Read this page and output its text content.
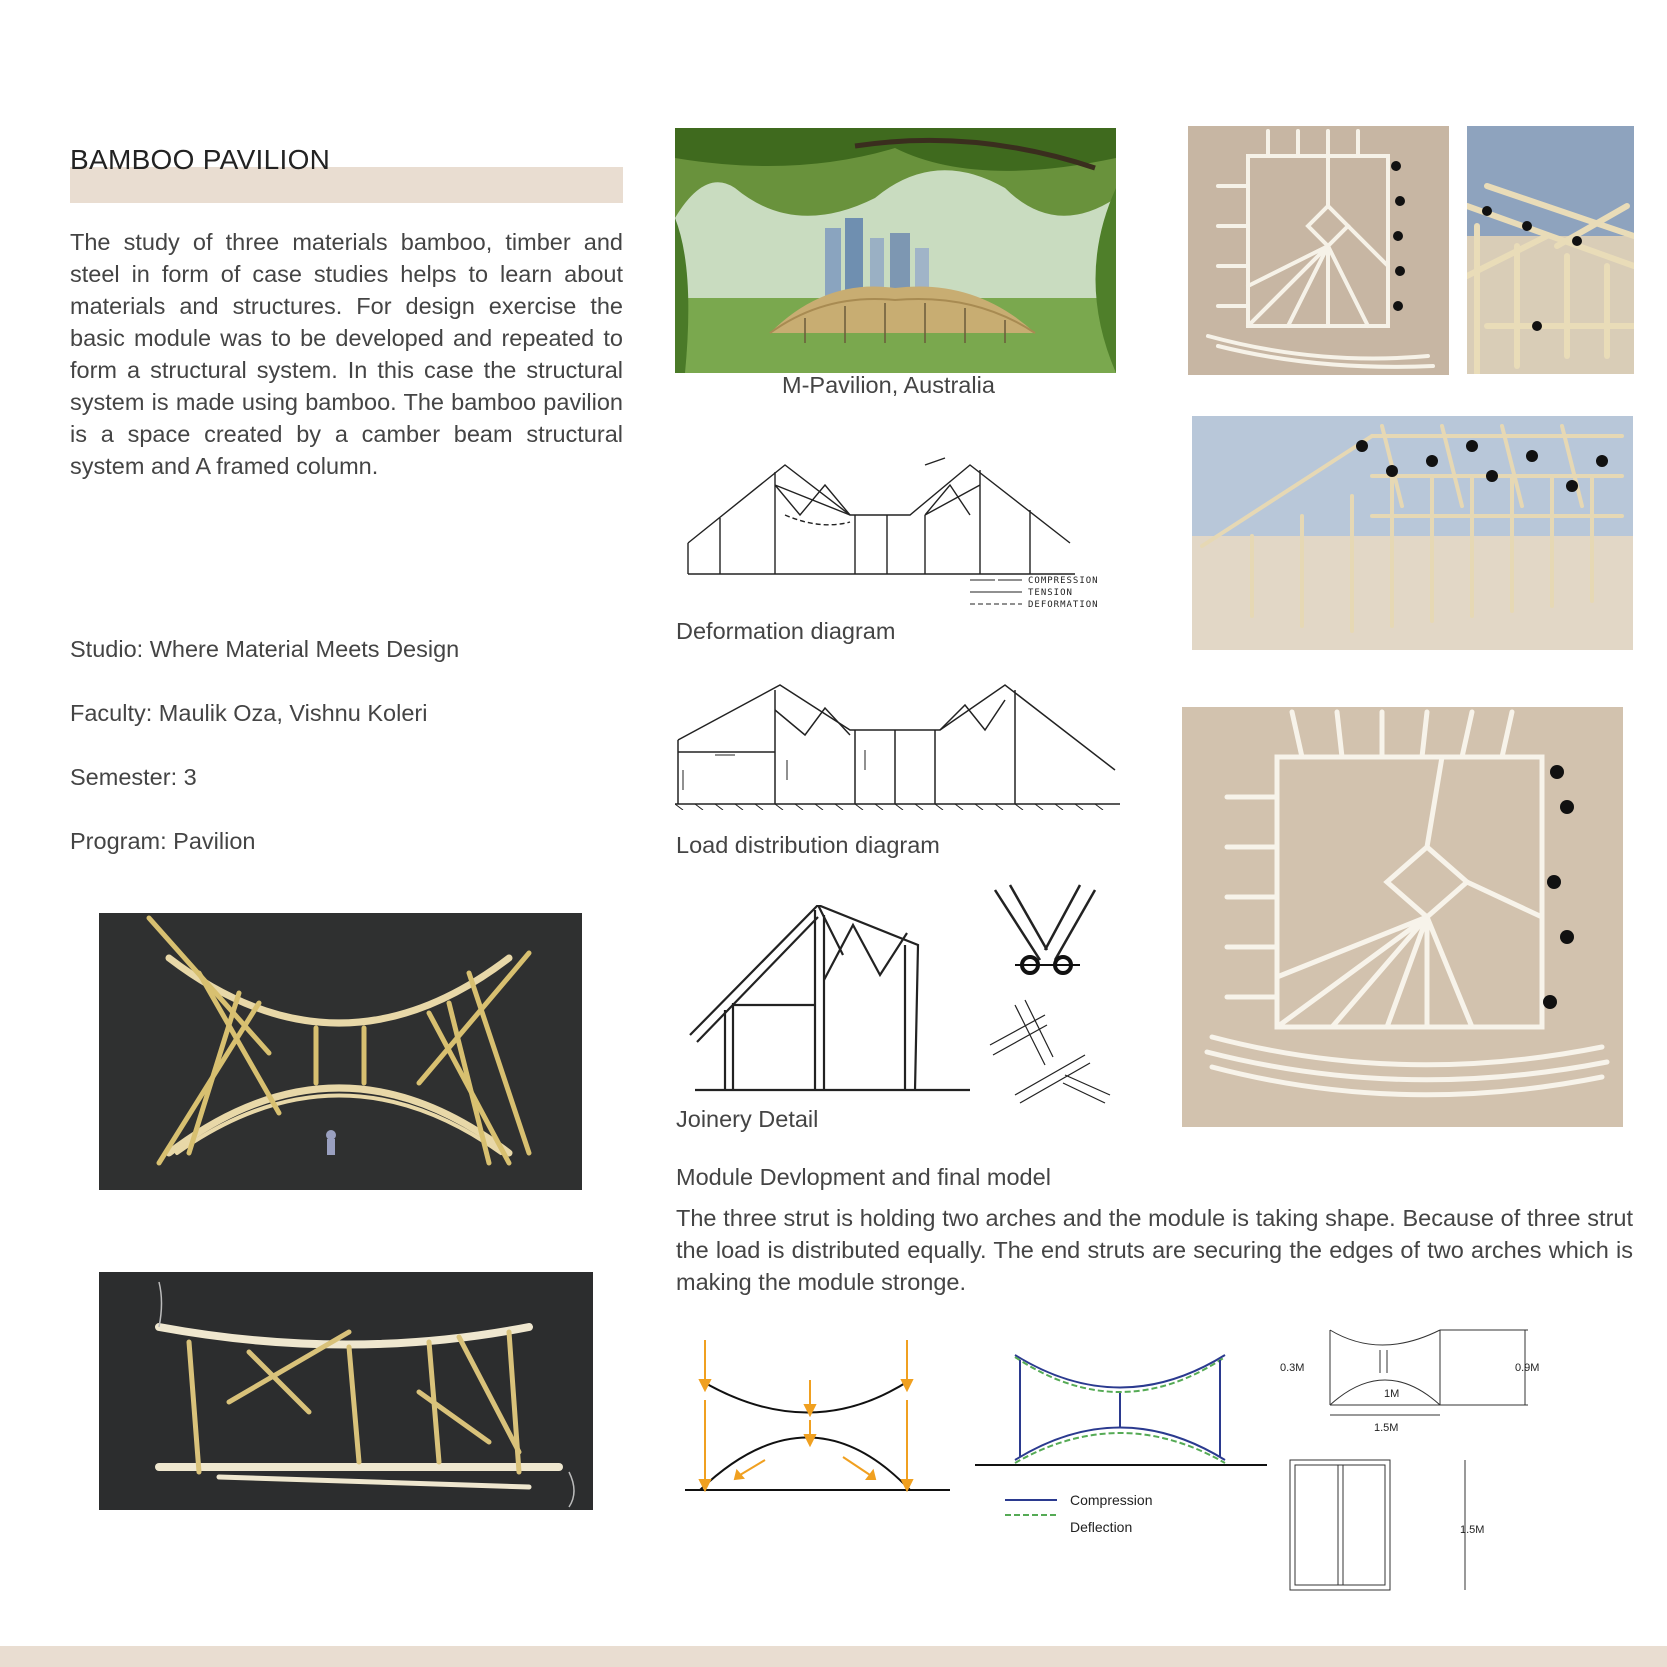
BAMBOO PAVILION
The study of three materials bamboo, timber and steel in form of case studies helps to learn about materials and structures. For design exercise the basic module was to be developed and repeated to form a structural system. In this case the structural system is made using bamboo. The bamboo pavilion is a space created by a camber beam structural system and A framed column.
Studio: Where Material Meets Design
Faculty: Maulik Oza, Vishnu Koleri
Semester: 3
Program: Pavilion
M-Pavilion, Australia
COMPRESSION
TENSION
DEFORMATION
Deformation diagram
Load distribution diagram
Joinery Detail
Module Devlopment and final model
The three strut is holding two arches and the module is taking shape. Because of three strut the load is distributed equally. The end struts are securing the edges of two arches which is making the module stronge.
Compression
Deflection
0.3M	0.9M
1M
1.5M
1.5M
